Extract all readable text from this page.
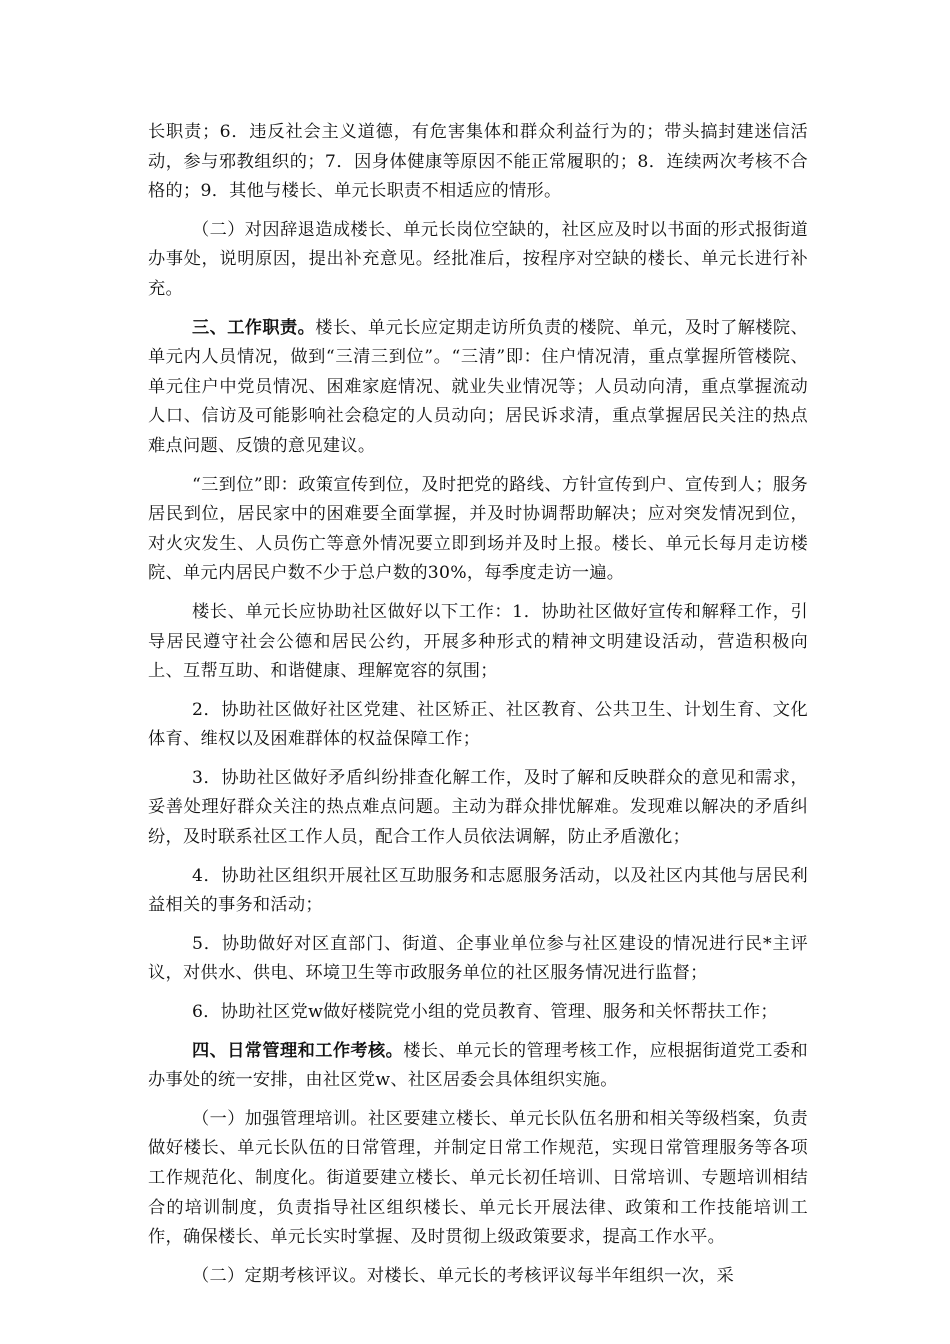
长职责；6．违反社会主义道德，有危害集体和群众利益行为的；带头搞封建迷信活动，参与邪教组织的；7．因身体健康等原因不能正常履职的；8．连续两次考核不合格的；9．其他与楼长、单元长职责不相适应的情形。

（二）对因辞退造成楼长、单元长岗位空缺的，社区应及时以书面的形式报街道办事处，说明原因，提出补充意见。经批准后，按程序对空缺的楼长、单元长进行补充。

三、工作职责。楼长、单元长应定期走访所负责的楼院、单元，及时了解楼院、单元内人员情况，做到“三清三到位”。“三清”即：住户情况清，重点掌握所管楼院、单元住户中党员情况、困难家庭情况、就业失业情况等；人员动向清，重点掌握流动人口、信访及可能影响社会稳定的人员动向；居民诉求清，重点掌握居民关注的热点难点问题、反馈的意见建议。

“三到位”即：政策宣传到位，及时把党的路线、方针宣传到户、宣传到人；服务居民到位，居民家中的困难要全面掌握，并及时协调帮助解决；应对突发情况到位，对火灾发生、人员伤亡等意外情况要立即到场并及时上报。楼长、单元长每月走访楼院、单元内居民户数不少于总户数的30%，每季度走访一遍。

楼长、单元长应协助社区做好以下工作：1．协助社区做好宣传和解释工作，引导居民遵守社会公德和居民公约，开展多种形式的精神文明建设活动，营造积极向上、互帮互助、和谐健康、理解宽容的氛围；

2．协助社区做好社区党建、社区矫正、社区教育、公共卫生、计划生育、文化体育、维权以及困难群体的权益保障工作；

3．协助社区做好矛盾纠纷排查化解工作，及时了解和反映群众的意见和需求，妥善处理好群众关注的热点难点问题。主动为群众排忧解难。发现难以解决的矛盾纠纷，及时联系社区工作人员，配合工作人员依法调解，防止矛盾激化；

4．协助社区组织开展社区互助服务和志愿服务活动，以及社区内其他与居民利益相关的事务和活动；

5．协助做好对区直部门、街道、企事业单位参与社区建设的情况进行民*主评议，对供水、供电、环境卫生等市政服务单位的社区服务情况进行监督；

6．协助社区党w做好楼院党小组的党员教育、管理、服务和关怀帮扶工作；

四、日常管理和工作考核。楼长、单元长的管理考核工作，应根据街道党工委和办事处的统一安排，由社区党w、社区居委会具体组织实施。

（一）加强管理培训。社区要建立楼长、单元长队伍名册和相关等级档案，负责做好楼长、单元长队伍的日常管理，并制定日常工作规范，实现日常管理服务等各项工作规范化、制度化。街道要建立楼长、单元长初任培训、日常培训、专题培训相结合的培训制度，负责指导社区组织楼长、单元长开展法律、政策和工作技能培训工作，确保楼长、单元长实时掌握、及时贯彻上级政策要求，提高工作水平。

（二）定期考核评议。对楼长、单元长的考核评议每半年组织一次，采
